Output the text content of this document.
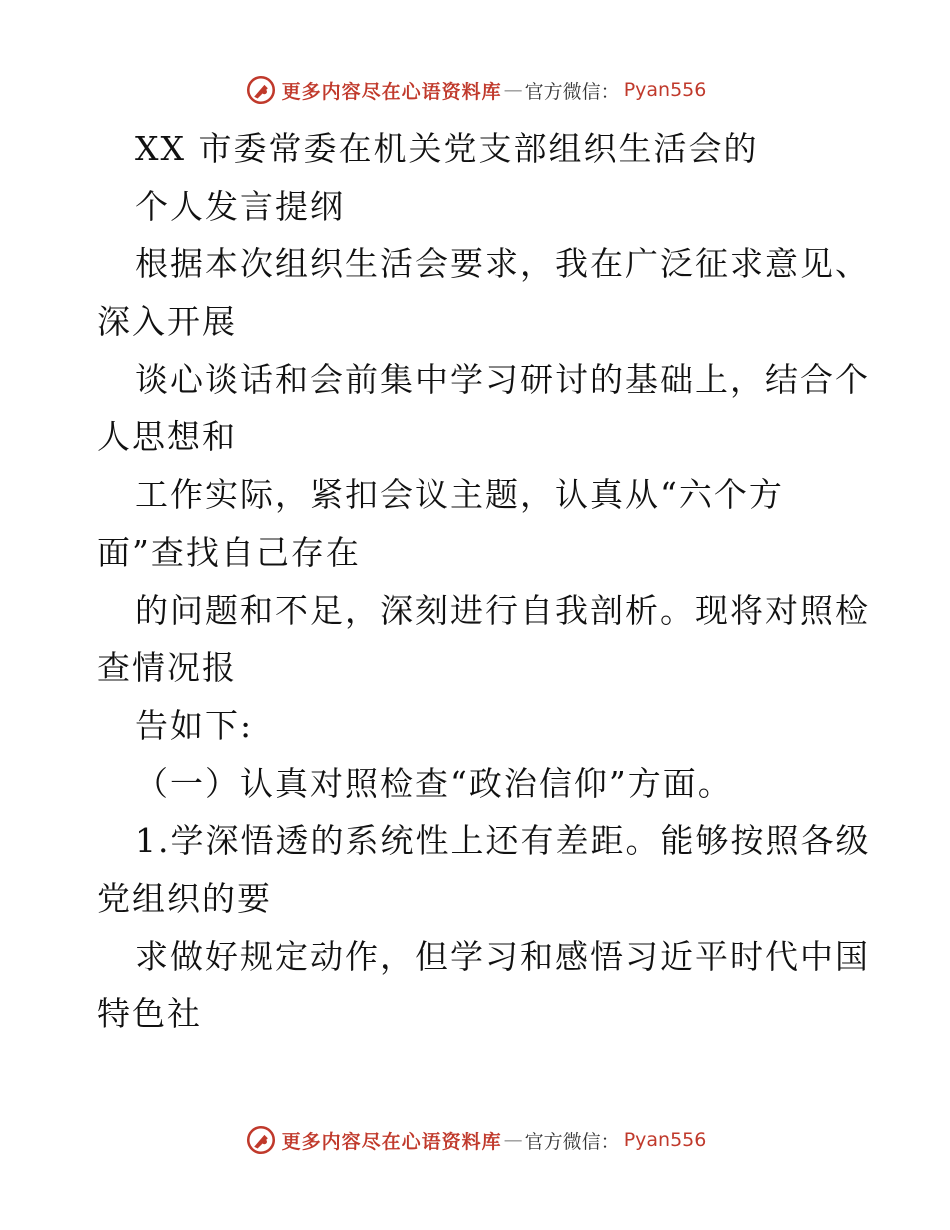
更多内容尽在心语资料库 — 官方微信： Pyan556
XX 市委常委在机关党支部组织生活会的
个人发言提纲
根据本次组织生活会要求，我在广泛征求意见、
深入开展
谈心谈话和会前集中学习研讨的基础上，结合个
人思想和
工作实际，紧扣会议主题，认真从“六个方
面”查找自己存在
的问题和不足，深刻进行自我剖析。现将对照检
查情况报
告如下:
（一）认真对照检查“政治信仰”方面。
1.学深悟透的系统性上还有差距。能够按照各级
党组织的要
求做好规定动作，但学习和感悟习近平时代中国
特色社
更多内容尽在心语资料库 — 官方微信： Pyan556
